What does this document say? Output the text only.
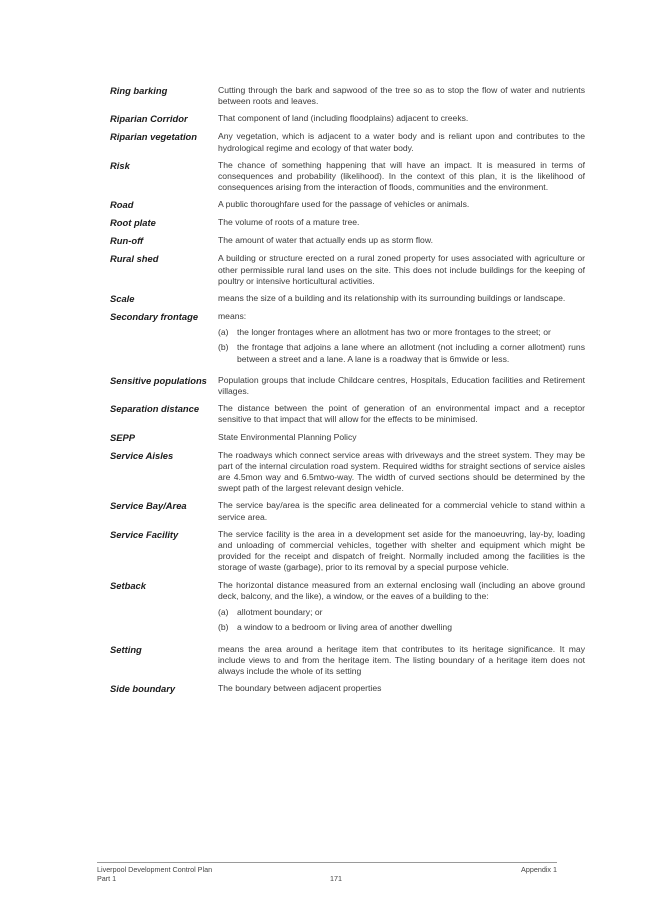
Ring barking	Cutting through the bark and sapwood of the tree so as to stop the flow of water and nutrients between roots and leaves.
Riparian Corridor	That component of land (including floodplains) adjacent to creeks.
Riparian vegetation	Any vegetation, which is adjacent to a water body and is reliant upon and contributes to the hydrological regime and ecology of that water body.
Risk	The chance of something happening that will have an impact. It is measured in terms of consequences and probability (likelihood). In the context of this plan, it is the likelihood of consequences arising from the interaction of floods, communities and the environment.
Road	A public thoroughfare used for the passage of vehicles or animals.
Root plate	The volume of roots of a mature tree.
Run-off	The amount of water that actually ends up as storm flow.
Rural shed	A building or structure erected on a rural zoned property for uses associated with agriculture or other permissible rural land uses on the site. This does not include buildings for the keeping of poultry or intensive horticultural activities.
Scale	means the size of a building and its relationship with its surrounding buildings or landscape.
Secondary frontage	means:
(a) the longer frontages where an allotment has two or more frontages to the street; or
(b) the frontage that adjoins a lane where an allotment (not including a corner allotment) runs between a street and a lane. A lane is a roadway that is 6mwide or less.
Sensitive populations	Population groups that include Childcare centres, Hospitals, Education facilities and Retirement villages.
Separation distance	The distance between the point of generation of an environmental impact and a receptor sensitive to that impact that will allow for the effects to be minimised.
SEPP	State Environmental Planning Policy
Service Aisles	The roadways which connect service areas with driveways and the street system. They may be part of the internal circulation road system. Required widths for straight sections of service aisles are 4.5mon way and 6.5mtwo-way. The width of curved sections should be determined by the swept path of the largest relevant design vehicle.
Service Bay/Area	The service bay/area is the specific area delineated for a commercial vehicle to stand within a service area.
Service Facility	The service facility is the area in a development set aside for the manoeuvring, lay-by, loading and unloading of commercial vehicles, together with shelter and equipment which might be provided for the receipt and dispatch of freight. Normally included among the facilities is the storage of waste (garbage), prior to its removal by a special purpose vehicle.
Setback	The horizontal distance measured from an external enclosing wall (including an above ground deck, balcony, and the like), a window, or the eaves of a building to the:
(a) allotment boundary; or
(b) a window to a bedroom or living area of another dwelling
Setting	means the area around a heritage item that contributes to its heritage significance. It may include views to and from the heritage item. The listing boundary of a heritage item does not always include the whole of its setting
Side boundary	The boundary between adjacent properties
Liverpool Development Control Plan	Appendix 1
Part 1	171
